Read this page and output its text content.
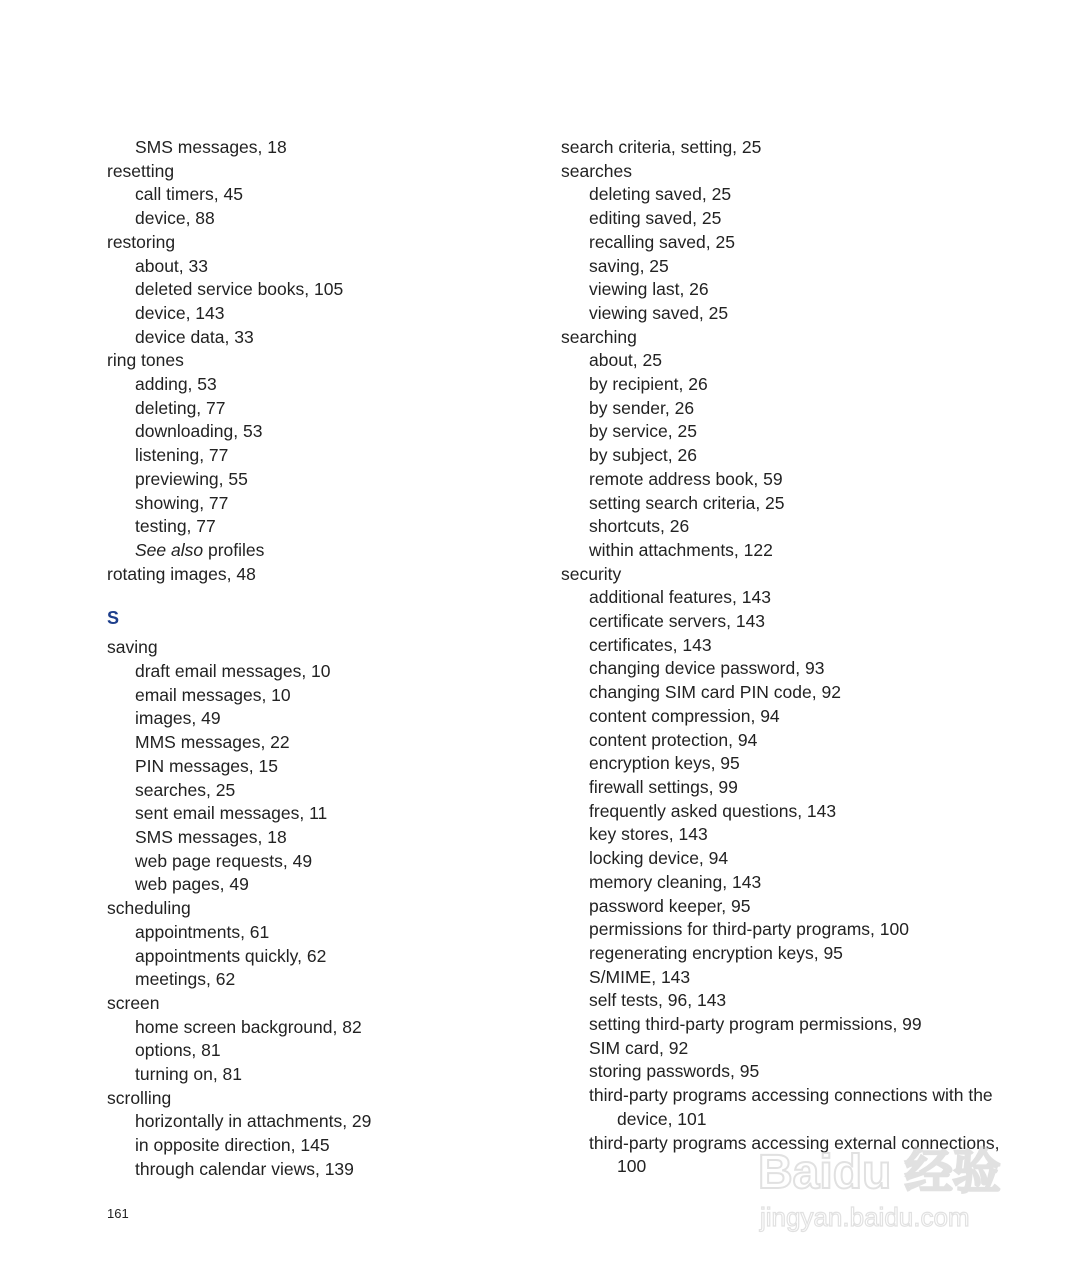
SMS messages, 18
resetting
call timers, 45
device, 88
restoring
about, 33
deleted service books, 105
device, 143
device data, 33
ring tones
adding, 53
deleting, 77
downloading, 53
listening, 77
previewing, 55
showing, 77
testing, 77
See also profiles
rotating images, 48
S
saving
draft email messages, 10
email messages, 10
images, 49
MMS messages, 22
PIN messages, 15
searches, 25
sent email messages, 11
SMS messages, 18
web page requests, 49
web pages, 49
scheduling
appointments, 61
appointments quickly, 62
meetings, 62
screen
home screen background, 82
options, 81
turning on, 81
scrolling
horizontally in attachments, 29
in opposite direction, 145
through calendar views, 139
search criteria, setting, 25
searches
deleting saved, 25
editing saved, 25
recalling saved, 25
saving, 25
viewing last, 26
viewing saved, 25
searching
about, 25
by recipient, 26
by sender, 26
by service, 25
by subject, 26
remote address book, 59
setting search criteria, 25
shortcuts, 26
within attachments, 122
security
additional features, 143
certificate servers, 143
certificates, 143
changing device password, 93
changing SIM card PIN code, 92
content compression, 94
content protection, 94
encryption keys, 95
firewall settings, 99
frequently asked questions, 143
key stores, 143
locking device, 94
memory cleaning, 143
password keeper, 95
permissions for third-party programs, 100
regenerating encryption keys, 95
S/MIME, 143
self tests, 96, 143
setting third-party program permissions, 99
SIM card, 92
storing passwords, 95
third-party programs accessing connections with the device, 101
third-party programs accessing external connections, 100
161
Baidu 经验
jingyan.baidu.com
